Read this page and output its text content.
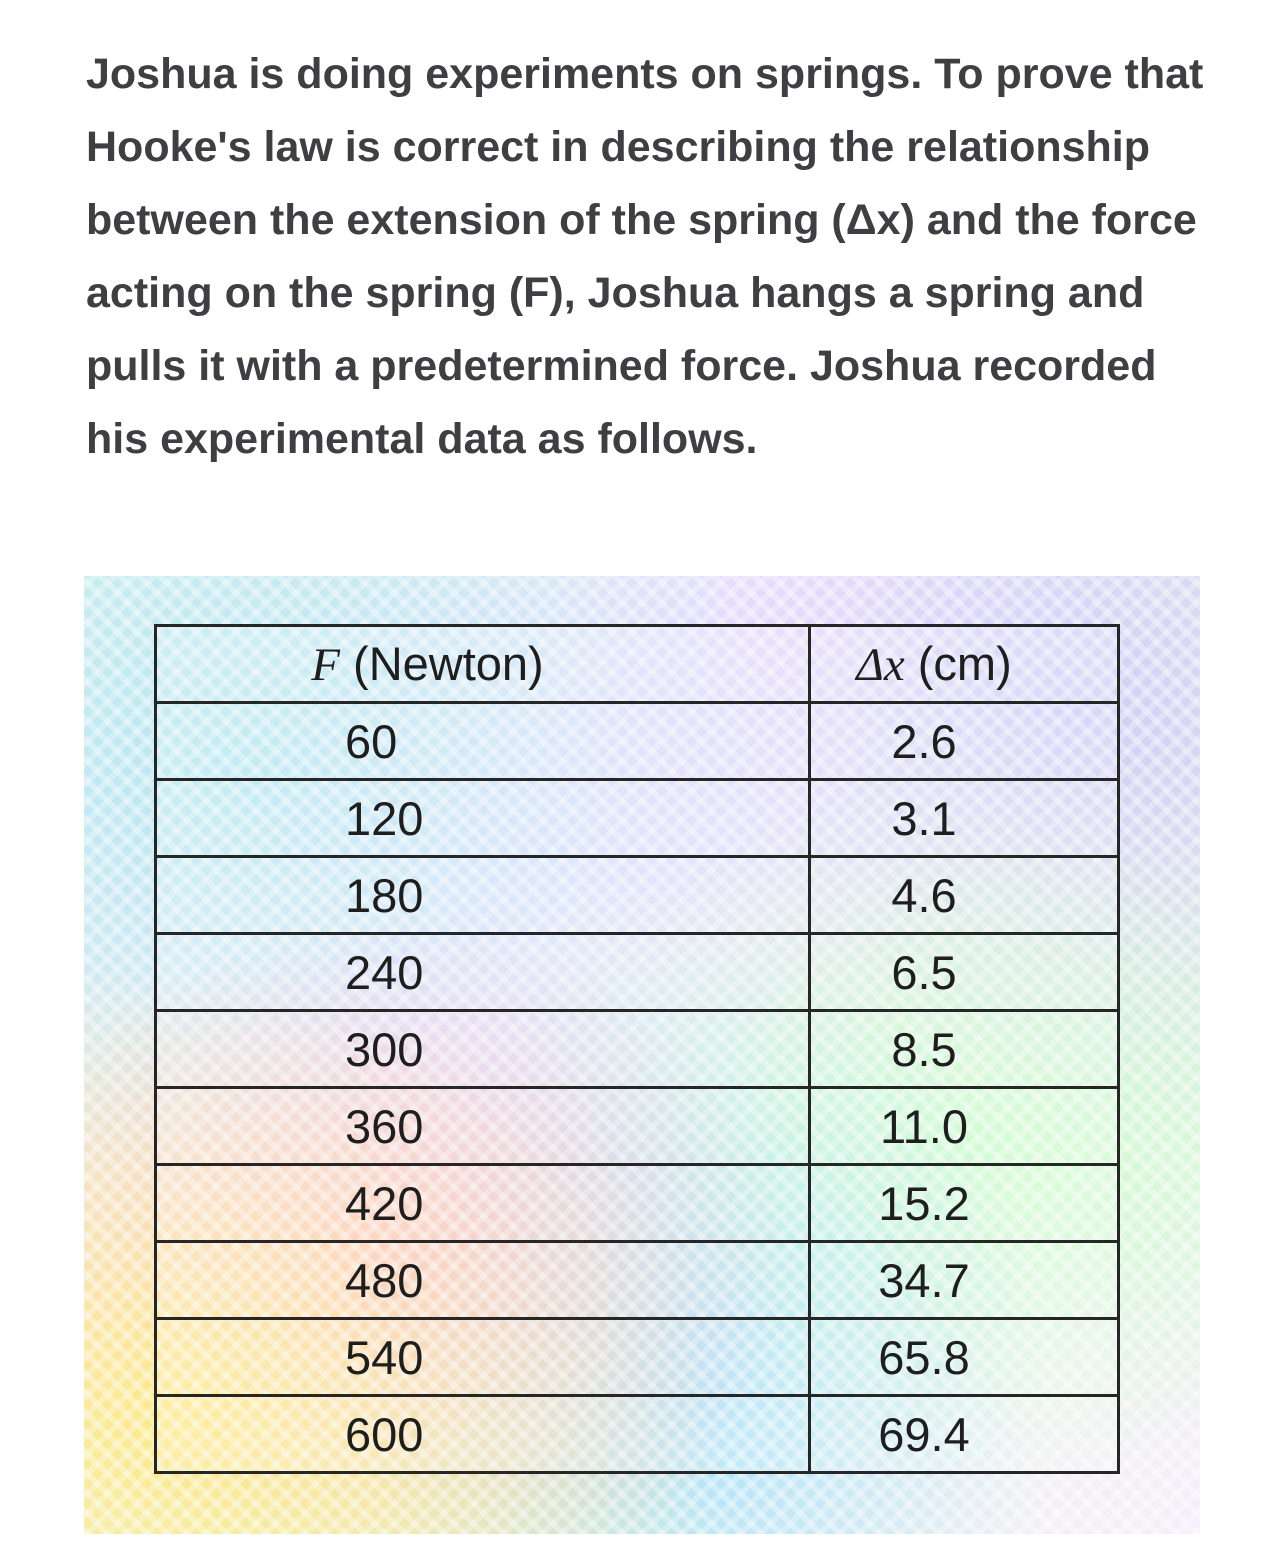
Joshua is doing experiments on springs. To prove that Hooke's law is correct in describing the relationship between the extension of the spring (Δx) and the force acting on the spring (F), Joshua hangs a spring and pulls it with a predetermined force. Joshua recorded his experimental data as follows.

F (Newton)	Δx (cm)
60	2.6
120	3.1
180	4.6
240	6.5
300	8.5
360	11.0
420	15.2
480	34.7
540	65.8
600	69.4
